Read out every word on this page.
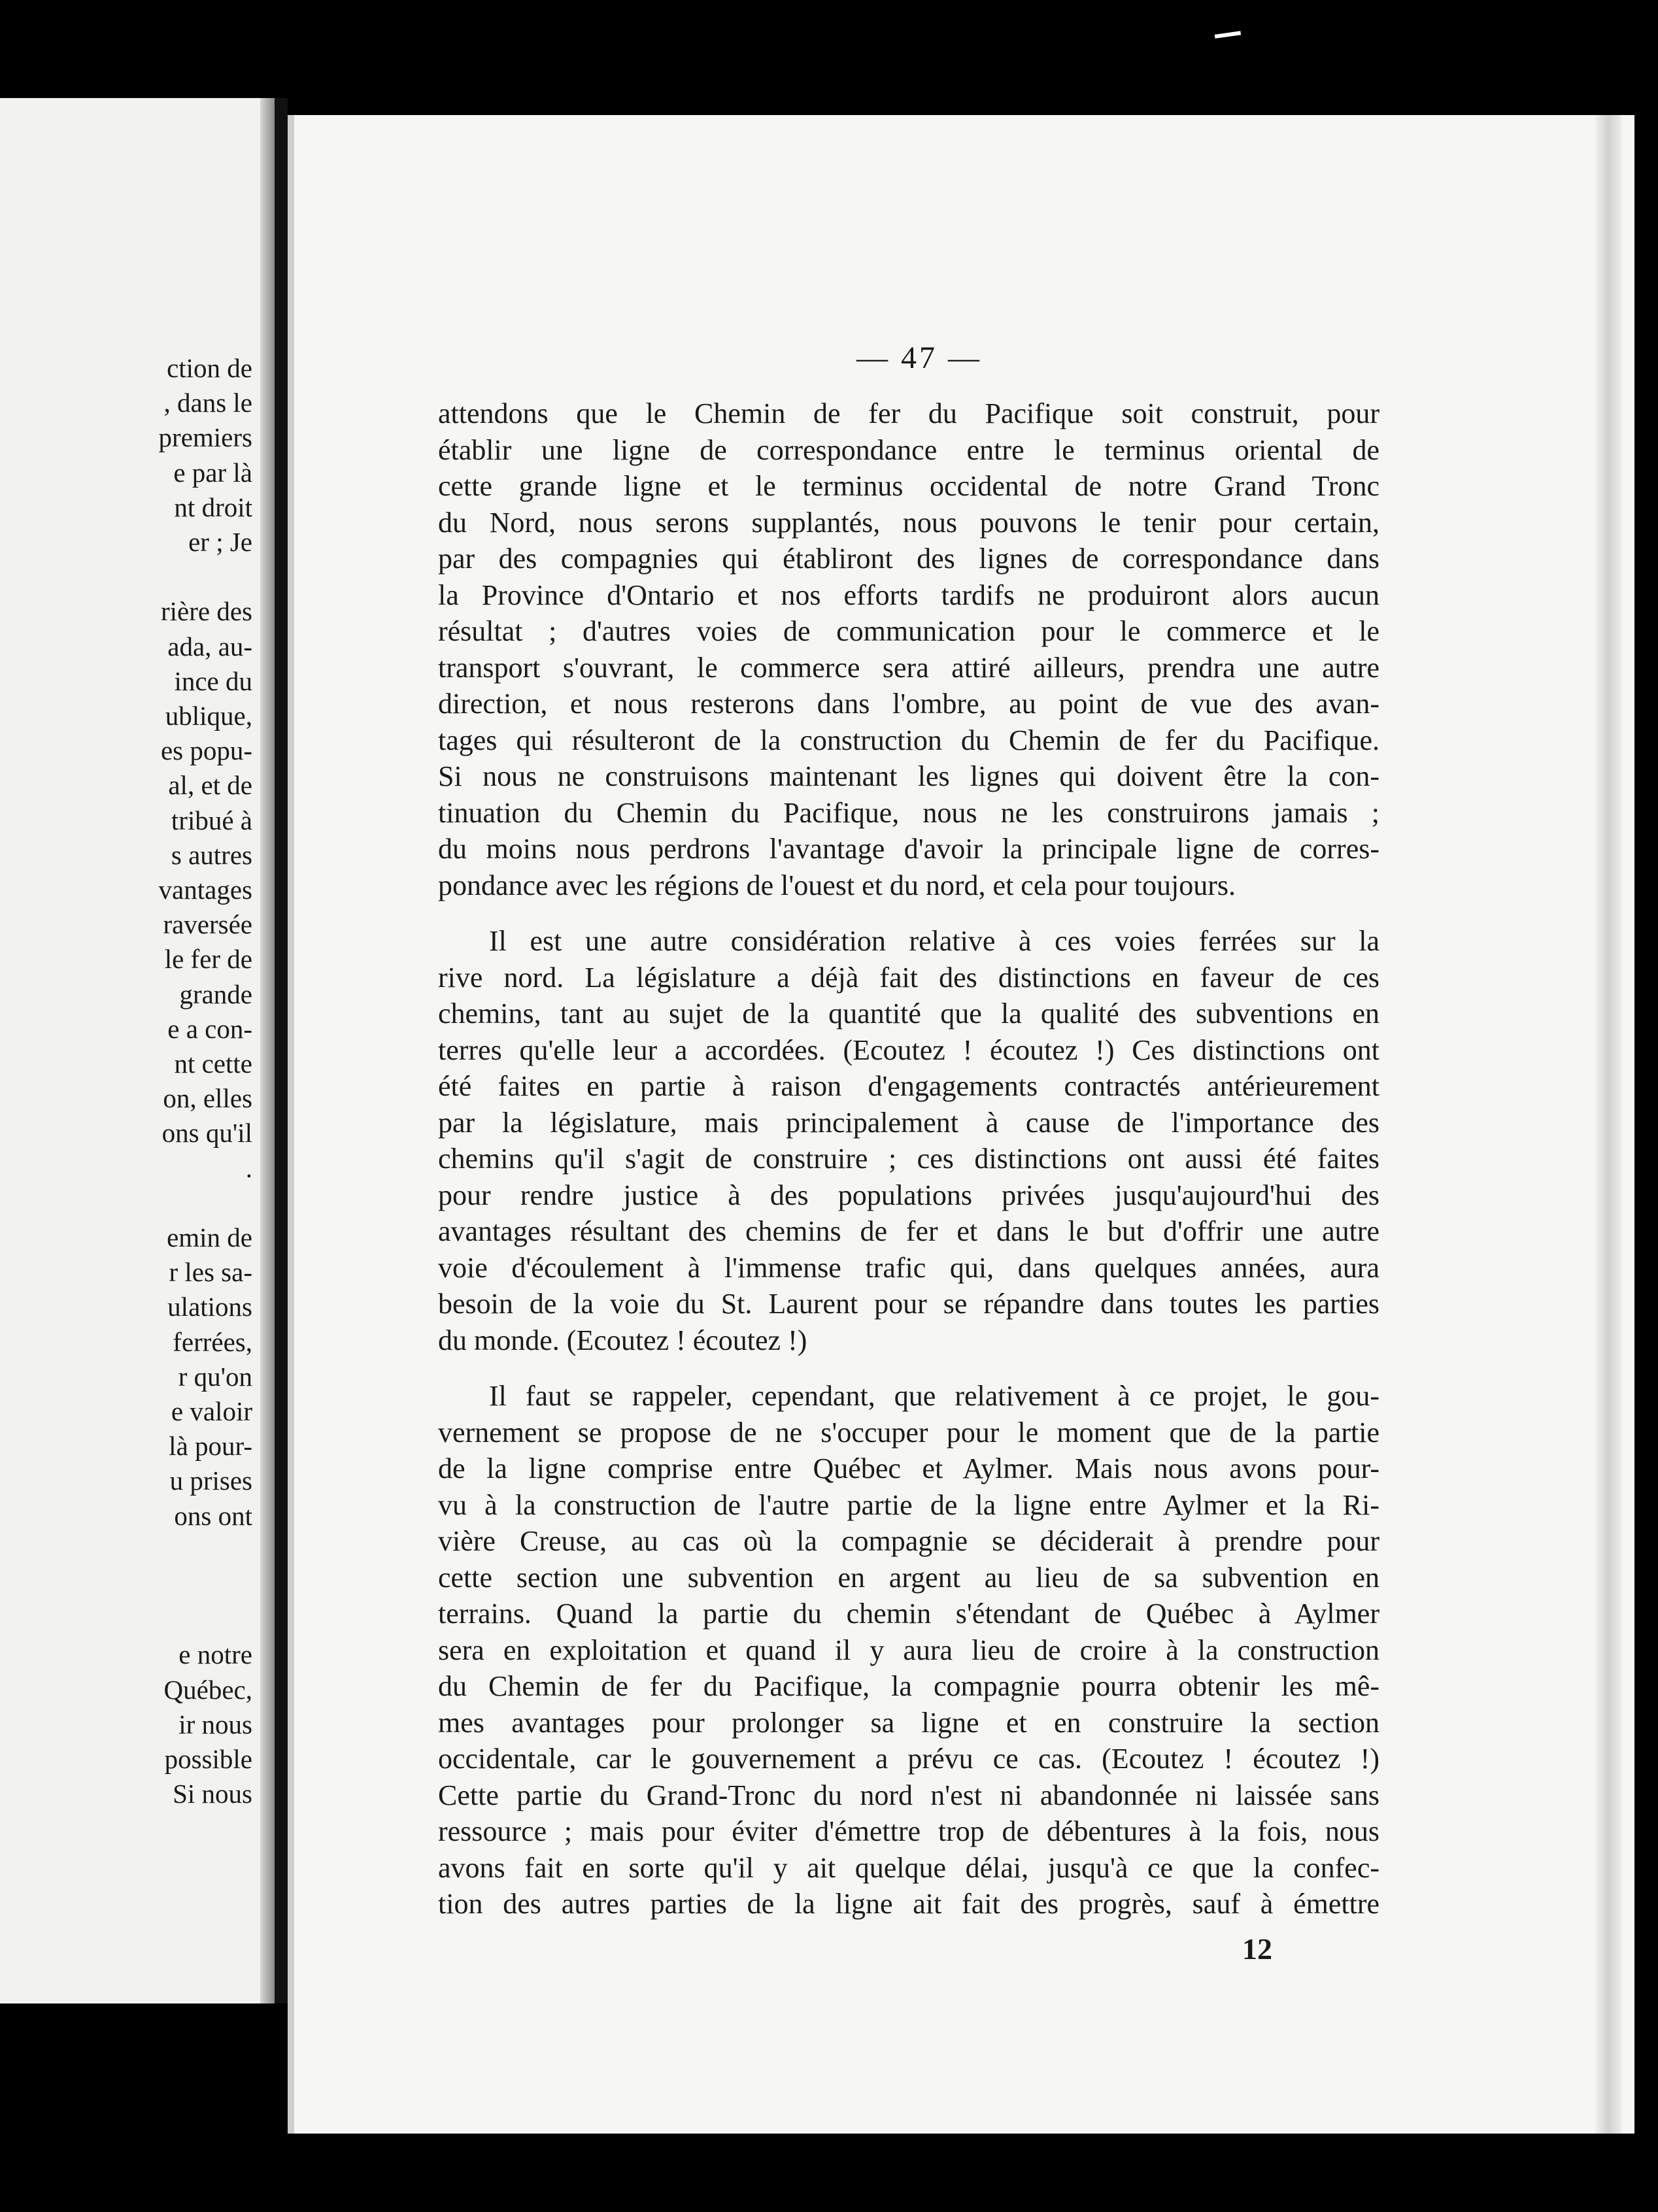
ction de
, dans le
premiers
e par là
nt droit
er ; Je
rière des
ada, au-
ince du
ublique,
es popu-
al, et de
tribué à
s autres
vantages
raversée
le fer de
grande
e a con-
nt cette
on, elles
ons qu'il
.
emin de
r les sa-
ulations
ferrées,
r qu'on
e valoir
là pour-
u prises
ons ont
e notre
Québec,
ir nous
possible
Si nous
— 47 —
attendons que le Chemin de fer du Pacifique soit construit, pour
établir une ligne de correspondance entre le terminus oriental de
cette grande ligne et le terminus occidental de notre Grand Tronc
du Nord, nous serons supplantés, nous pouvons le tenir pour certain,
par des compagnies qui établiront des lignes de correspondance dans
la Province d'Ontario et nos efforts tardifs ne produiront alors aucun
résultat ; d'autres voies de communication pour le commerce et le
transport s'ouvrant, le commerce sera attiré ailleurs, prendra une autre
direction, et nous resterons dans l'ombre, au point de vue des avan-
tages qui résulteront de la construction du Chemin de fer du Pacifique.
Si nous ne construisons maintenant les lignes qui doivent être la con-
tinuation du Chemin du Pacifique, nous ne les construirons jamais ;
du moins nous perdrons l'avantage d'avoir la principale ligne de corres-
pondance avec les régions de l'ouest et du nord, et cela pour toujours.
Il est une autre considération relative à ces voies ferrées sur la
rive nord. La législature a déjà fait des distinctions en faveur de ces
chemins, tant au sujet de la quantité que la qualité des subventions en
terres qu'elle leur a accordées. (Ecoutez ! écoutez !) Ces distinctions ont
été faites en partie à raison d'engagements contractés antérieurement
par la législature, mais principalement à cause de l'importance des
chemins qu'il s'agit de construire ; ces distinctions ont aussi été faites
pour rendre justice à des populations privées jusqu'aujourd'hui des
avantages résultant des chemins de fer et dans le but d'offrir une autre
voie d'écoulement à l'immense trafic qui, dans quelques années, aura
besoin de la voie du St. Laurent pour se répandre dans toutes les parties
du monde. (Ecoutez ! écoutez !)
Il faut se rappeler, cependant, que relativement à ce projet, le gou-
vernement se propose de ne s'occuper pour le moment que de la partie
de la ligne comprise entre Québec et Aylmer. Mais nous avons pour-
vu à la construction de l'autre partie de la ligne entre Aylmer et la Ri-
vière Creuse, au cas où la compagnie se déciderait à prendre pour
cette section une subvention en argent au lieu de sa subvention en
terrains. Quand la partie du chemin s'étendant de Québec à Aylmer
sera en exploitation et quand il y aura lieu de croire à la construction
du Chemin de fer du Pacifique, la compagnie pourra obtenir les mê-
mes avantages pour prolonger sa ligne et en construire la section
occidentale, car le gouvernement a prévu ce cas. (Ecoutez ! écoutez !)
Cette partie du Grand-Tronc du nord n'est ni abandonnée ni laissée sans
ressource ; mais pour éviter d'émettre trop de débentures à la fois, nous
avons fait en sorte qu'il y ait quelque délai, jusqu'à ce que la confec-
tion des autres parties de la ligne ait fait des progrès, sauf à émettre
12
